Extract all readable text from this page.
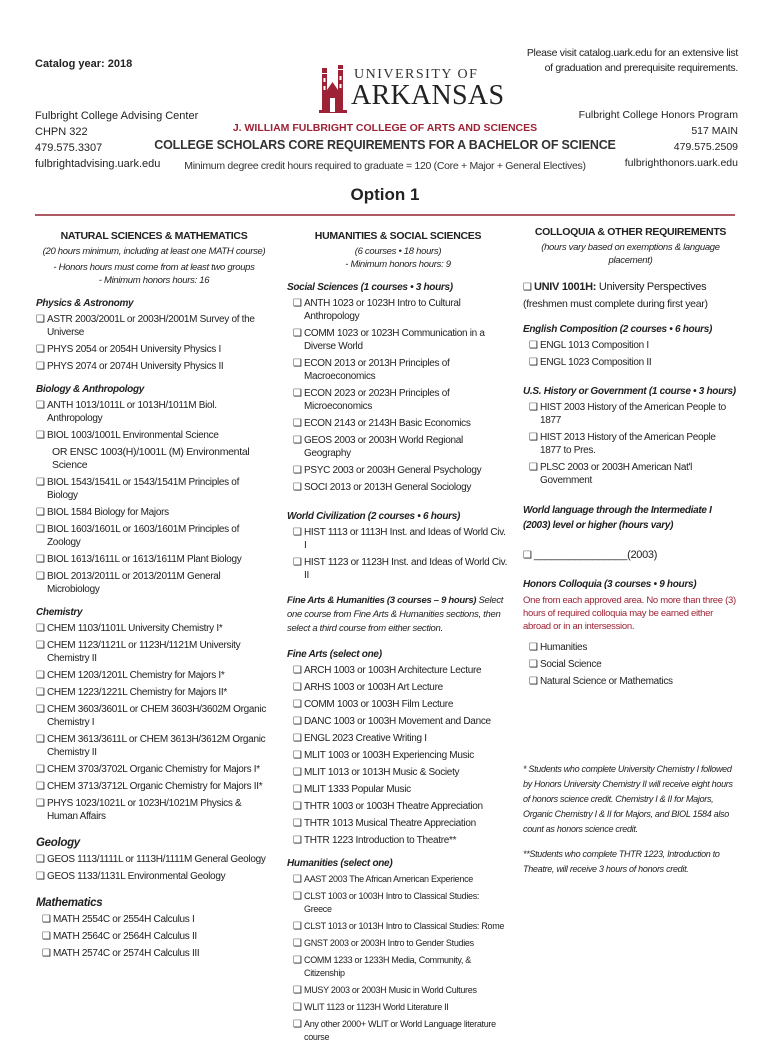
Catalog year: 2018
Fulbright College Advising Center
CHPN 322
479.575.3307
fulbrightadvising.uark.edu
Please visit catalog.uark.edu for an extensive list
of graduation and prerequisite requirements.
Fulbright College Honors Program
517 MAIN
479.575.2509
fulbrighthonors.uark.edu
UNIVERSITY OF
ARKANSAS
J. WILLIAM FULBRIGHT COLLEGE OF ARTS AND SCIENCES
COLLEGE SCHOLARS CORE REQUIREMENTS FOR A BACHELOR OF SCIENCE
Minimum degree credit hours required to graduate = 120 (Core + Major + General Electives)
Option 1
NATURAL SCIENCES & MATHEMATICS
(20 hours minimum, including at least one MATH course)
- Honors hours must come from at least two groups
- Minimum honors hours: 16
Physics & Astronomy
❑ ASTR 2003/2001L or 2003H/2001M Survey of the Universe
❑ PHYS 2054 or 2054H University Physics I
❑ PHYS 2074 or 2074H University Physics II
Biology & Anthropology
❑ ANTH 1013/1011L or 1013H/1011M Biol. Anthropology
❑ BIOL 1003/1001L Environmental Science
OR ENSC 1003(H)/1001L (M) Environmental Science
❑ BIOL 1543/1541L or 1543/1541M Principles of Biology
❑ BIOL 1584 Biology for Majors
❑ BIOL 1603/1601L or 1603/1601M Principles of Zoology
❑ BIOL 1613/1611L or 1613/1611M Plant Biology
❑ BIOL 2013/2011L or 2013/2011M General Microbiology
Chemistry
❑ CHEM 1103/1101L University Chemistry I*
❑ CHEM 1123/1121L or 1123H/1121M University Chemistry II
❑ CHEM 1203/1201L Chemistry for Majors I*
❑ CHEM 1223/1221L Chemistry for Majors II*
❑ CHEM 3603/3601L or CHEM 3603H/3602M Organic Chemistry I
❑ CHEM 3613/3611L or CHEM 3613H/3612M Organic Chemistry II
❑ CHEM 3703/3702L Organic Chemistry for Majors I*
❑ CHEM 3713/3712L Organic Chemistry for Majors II*
❑ PHYS 1023/1021L or 1023H/1021M Physics & Human Affairs
Geology
❑ GEOS 1113/1111L or 1113H/1111M General Geology
❑ GEOS 1133/1131L Environmental Geology
Mathematics
❑ MATH 2554C or 2554H Calculus I
❑ MATH 2564C or 2564H Calculus II
❑ MATH 2574C or 2574H Calculus III
HUMANITIES & SOCIAL SCIENCES
(6 courses • 18 hours)
- Minimum honors hours: 9
Social Sciences (1 courses • 3 hours)
❑ ANTH 1023 or 1023H Intro to Cultural Anthropology
❑ COMM 1023 or 1023H Communication in a Diverse World
❑ ECON 2013 or 2013H Principles of Macroeconomics
❑ ECON 2023 or 2023H Principles of Microeconomics
❑ ECON 2143 or 2143H Basic Economics
❑ GEOS 2003 or 2003H World Regional Geography
❑ PSYC 2003 or 2003H General Psychology
❑ SOCI 2013 or 2013H General Sociology
World Civilization (2 courses • 6 hours)
❑ HIST 1113 or 1113H Inst. and Ideas of World Civ. I
❑ HIST 1123 or 1123H Inst. and Ideas of World Civ. II
Fine Arts & Humanities (3 courses – 9 hours) Select one course from Fine Arts & Humanities sections, then select a third course from either section.
Fine Arts (select one)
❑ ARCH 1003 or 1003H Architecture Lecture
❑ ARHS 1003 or 1003H Art Lecture
❑ COMM 1003 or 1003H Film Lecture
❑ DANC 1003 or 1003H Movement and Dance
❑ ENGL 2023 Creative Writing I
❑ MLIT 1003 or 1003H Experiencing Music
❑ MLIT 1013 or 1013H Music & Society
❑ MLIT 1333 Popular Music
❑ THTR 1003 or 1003H Theatre Appreciation
❑ THTR 1013 Musical Theatre Appreciation
❑ THTR 1223 Introduction to Theatre**
Humanities (select one)
❑ AAST 2003 The African American Experience
❑ CLST 1003 or 1003H Intro to Classical Studies: Greece
❑ CLST 1013 or 1013H Intro to Classical Studies: Rome
❑ GNST 2003 or 2003H Intro to Gender Studies
❑ COMM 1233 or 1233H Media, Community, & Citizenship
❑ MUSY 2003 or 2003H Music in World Cultures
❑ WLIT 1123 or 1123H World Literature II
❑ Any other 2000+ WLIT or World Language literature course
COLLOQUIA & OTHER REQUIREMENTS
(hours vary based on exemptions & language placement)
❑ UNIV 1001H: University Perspectives
(freshmen must complete during first year)
English Composition (2 courses • 6 hours)
❑ ENGL 1013 Composition I
❑ ENGL 1023 Composition II
U.S. History or Government (1 course • 3 hours)
❑ HIST 2003 History of the American People to 1877
❑ HIST 2013 History of the American People 1877 to Pres.
❑ PLSC 2003 or 2003H American Nat'l Government
World language through the Intermediate I (2003) level or higher (hours vary)
❑ ________________(2003)
Honors Colloquia (3 courses • 9 hours)
One from each approved area. No more than three (3) hours of required colloquia may be earned either abroad or in an intersession.
❑ Humanities
❑ Social Science
❑ Natural Science or Mathematics
* Students who complete University Chemistry I followed by Honors University Chemistry II will receive eight hours of honors science credit. Chemistry I & II for Majors, Organic Chemistry I & II for Majors, and BIOL 1584 also count as honors science credit.
**Students who complete THTR 1223, Introduction to Theatre, will receive 3 hours of honors credit.
